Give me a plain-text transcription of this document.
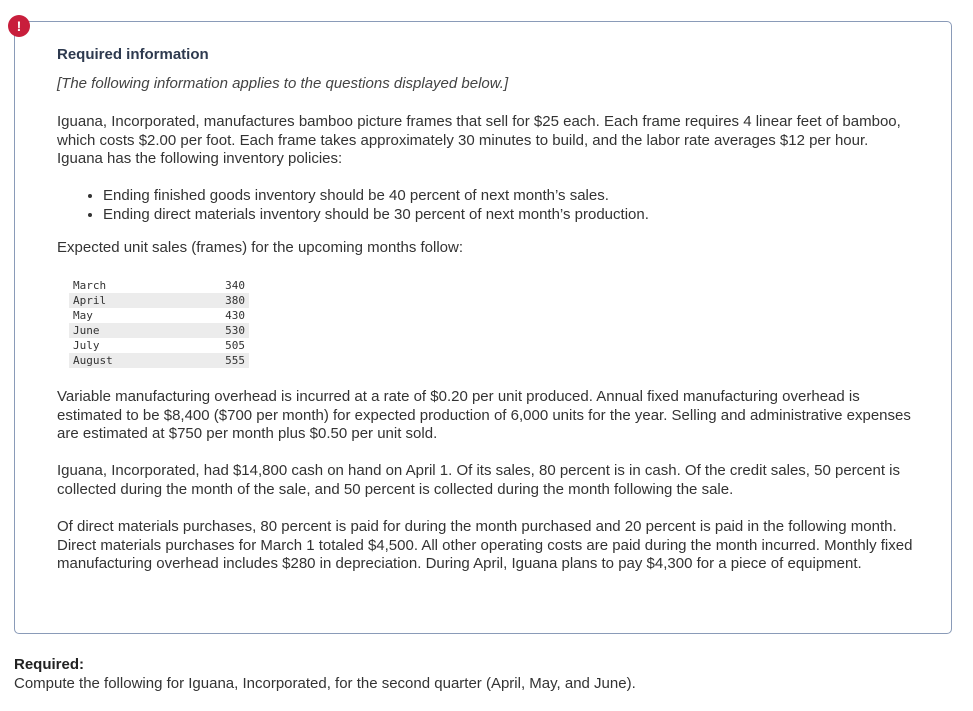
!
Required information

[The following information applies to the questions displayed below.]

Iguana, Incorporated, manufactures bamboo picture frames that sell for $25 each. Each frame requires 4 linear feet of bamboo, which costs $2.00 per foot. Each frame takes approximately 30 minutes to build, and the labor rate averages $12 per hour. Iguana has the following inventory policies:

• Ending finished goods inventory should be 40 percent of next month’s sales.
• Ending direct materials inventory should be 30 percent of next month’s production.

Expected unit sales (frames) for the upcoming months follow:

March	340
April	380
May	430
June	530
July	505
August	555

Variable manufacturing overhead is incurred at a rate of $0.20 per unit produced. Annual fixed manufacturing overhead is estimated to be $8,400 ($700 per month) for expected production of 6,000 units for the year. Selling and administrative expenses are estimated at $750 per month plus $0.50 per unit sold.

Iguana, Incorporated, had $14,800 cash on hand on April 1. Of its sales, 80 percent is in cash. Of the credit sales, 50 percent is collected during the month of the sale, and 50 percent is collected during the month following the sale.

Of direct materials purchases, 80 percent is paid for during the month purchased and 20 percent is paid in the following month. Direct materials purchases for March 1 totaled $4,500. All other operating costs are paid during the month incurred. Monthly fixed manufacturing overhead includes $280 in depreciation. During April, Iguana plans to pay $4,300 for a piece of equipment.

Required:
Compute the following for Iguana, Incorporated, for the second quarter (April, May, and June).
